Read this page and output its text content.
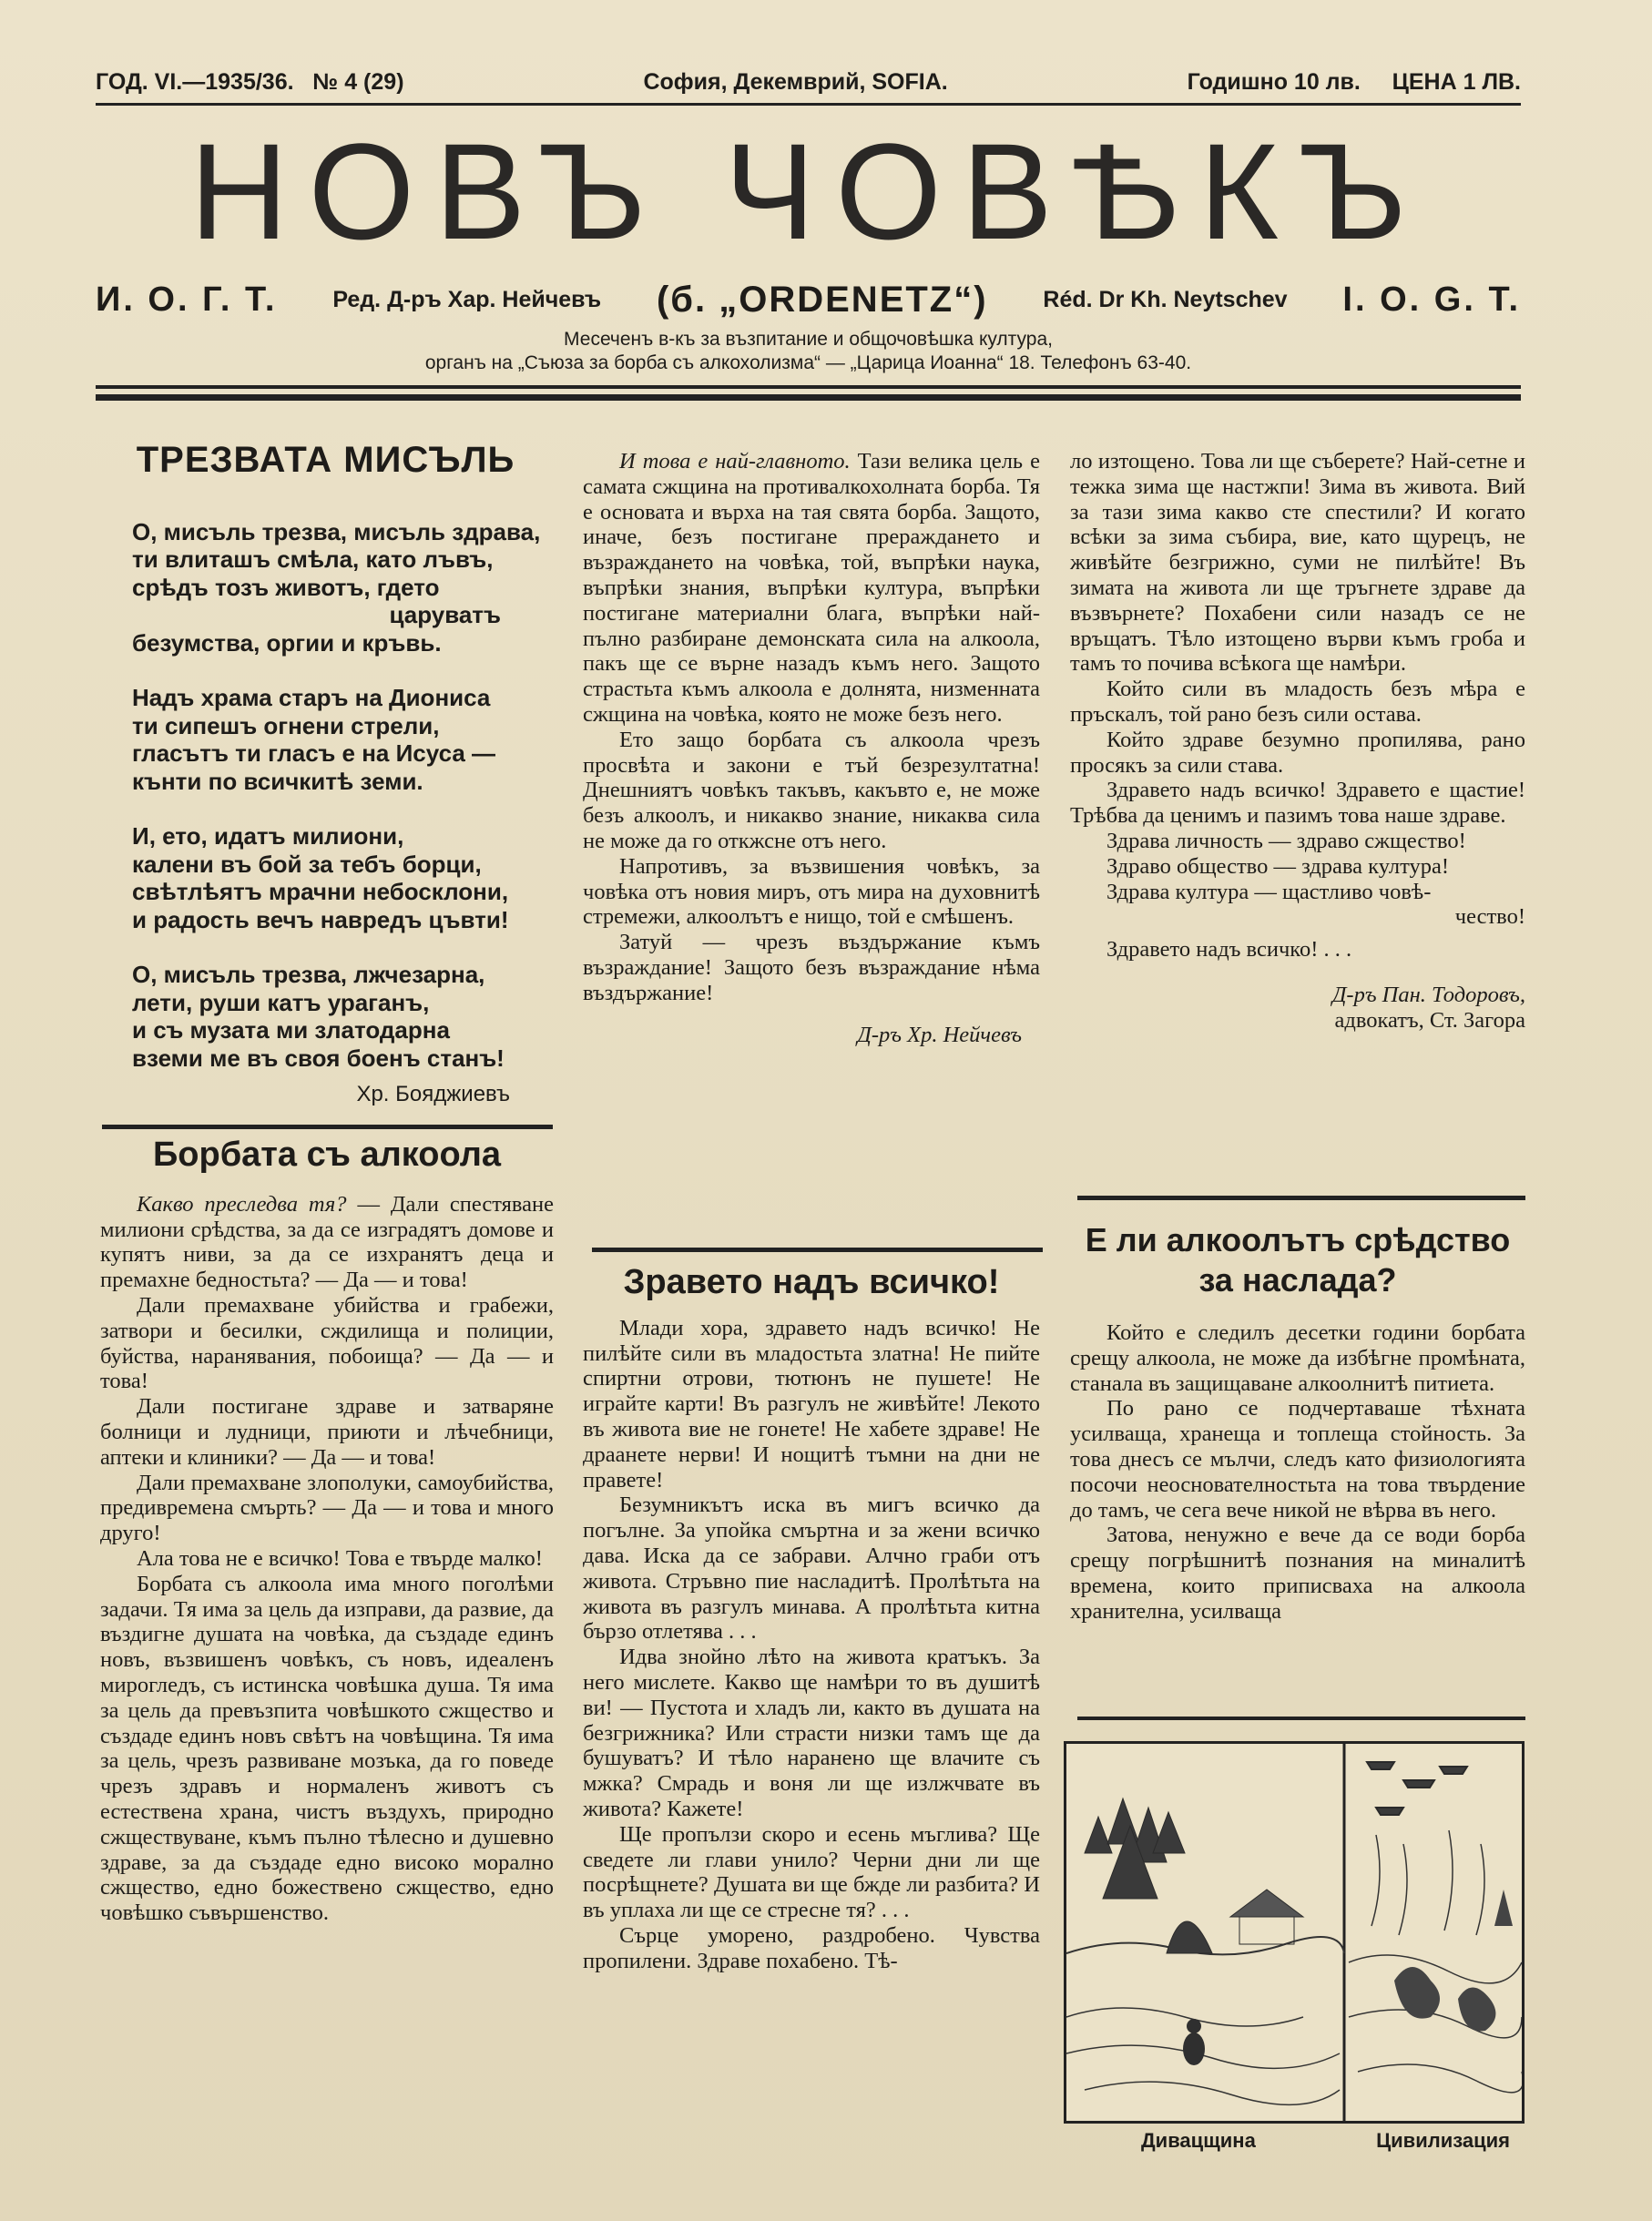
ГОД. VI.—1935/36. № 4 (29)	София, Декемврий, SOFIA.	Годишно 10 лв. ЦЕНА 1 ЛВ.
НОВЪ ЧОВѢКЪ
И. О. Г. Т. Ред. Д-ръ Хар. Нейчевъ (б. „ORDENETZ“) Réd. Dr Kh. Neytschev I. O. G. T.
Месеченъ в-къ за възпитание и общочовѣшка култура,
органъ на „Съюза за борба съ алкохолизма“ — „Царица Иоанна“ 18. Телефонъ 63-40.
ТРЕЗВАТА МИСЪЛЬ

О, мисъль трезва, мисъль здрава,
ти влиташъ смѣла, като лъвъ,
срѣдъ тозъ животъ, гдето
царуватъ
безумства, оргии и кръвь.

Надъ храма старъ на Диониса
ти сипешъ огнени стрели,
гласътъ ти гласъ е на Исуса —
кънти по всичкитѣ земи.

И, ето, идатъ милиони,
калени въ бой за тебъ борци,
свѣтлѣятъ мрачни небосклони,
и радость вечъ навредъ цъвти!

О, мисъль трезва, лжчезарна,
лети, руши катъ ураганъ,
и съ музата ми златодарна
вземи ме въ своя боенъ станъ!

Хр. Бояджиевъ
Борбата съ алкоола

Какво преследва тя? — Дали спестяване милиони срѣдства, за да се изградятъ домове и купятъ ниви, за да се изхранятъ деца и премахне бедностьта? — Да — и това!

Дали премахване убийства и грабежи, затвори и бесилки, сждилища и полиции, буйства, наранявания, побоища? — Да — и това!

Дали постигане здраве и затваряне болници и лудници, приюти и лѣчебници, аптеки и клиники? — Да — и това!

Дали премахване злополуки, самоубийства, предивремена смърть? — Да — и това и много друго!

Ала това не е всичко! Това е твърде малко!

Борбата съ алкоола има много поголѣми задачи. Тя има за цель да изправи, да развие, да въздигне душата на човѣка, да създаде единъ новъ, възвишенъ човѣкъ, съ новъ, идеаленъ мирогледъ, съ истинска човѣшка душа. Тя има за цель да превъзпита човѣшкото сжщество и създаде единъ новъ свѣтъ на човѣщина. Тя има за цель, чрезъ развиване мозъка, да го поведе чрезъ здравъ и нормаленъ животъ съ естествена храна, чистъ въздухъ, природно сжществуване, къмъ пълно тѣлесно и душевно здраве, за да създаде едно високо морално сжщество, едно божествено сжщество, едно човѣшко съвършенство.

И това е най-главното. Тази велика цель е самата сжщина на противалкохолната борба. Тя е основата и върха на тая свята борба. Защото, иначе, безъ постигане прераждането и възраждането на човѣка, той, въпрѣки наука, въпрѣки знания, въпрѣки култура, въпрѣки постигане материални блага, въпрѣки най-пълно разбиране демонската сила на алкоола, пакъ ще се върне назадъ къмъ него. Защото страстьта къмъ алкоола е долнята, низменната сжщина на човѣка, която не може безъ него.

Ето защо борбата съ алкоола чрезъ просвѣта и закони е тъй безрезултатна! Днешниятъ човѣкъ такъвъ, какъвто е, не може безъ алкоолъ, и никакво знание, никаква сила не може да го откжсне отъ него.

Напротивъ, за възвишения човѣкъ, за човѣка отъ новия миръ, отъ мира на духовнитѣ стремежи, алкоолътъ е нищо, той е смѣшенъ.

Затуй — чрезъ въздържание къмъ възраждание! Защото безъ възраждание нѣма въздържание!

Д-ръ Хр. Нейчевъ
Зравето надъ всичко!

Млади хора, здравето надъ всичко! Не пилѣйте сили въ младостьта златна! Не пийте спиртни отрови, тютюнъ не пушете! Не играйте карти! Въ разгулъ не живѣйте! Лекото въ живота вие не гонете! Не хабете здраве! Не драанете нерви! И нощитѣ тъмни на дни не правете!

Безумникътъ иска въ мигъ всичко да погълне. За упойка смъртна и за жени всичко дава. Иска да се забрави. Алчно граби отъ живота. Стръвно пие насладитѣ. Пролѣтьта на живота въ разгулъ минава. А пролѣтьта китна бързо отлетява . . .

Идва знойно лѣто на живота кратъкъ. За него мислете. Какво ще намѣри то въ душитѣ ви! — Пустота и хладъ ли, както въ душата на безгрижника? Или страсти низки тамъ ще да бушуватъ? И тѣло наранено ще влачите съ мжка? Смрадь и воня ли ще излжчвате въ живота? Кажете!

Ще пропълзи скоро и есень мъглива? Ще сведете ли глави унило? Черни дни ли ще посрѣщнете? Душата ви ще бжде ли разбита? И въ уплаха ли ще се стресне тя? . . .

Сърце уморено, раздробено. Чувства пропилени. Здраве похабено. Тѣ-

ло изтощено. Това ли ще съберете? Най-сетне и тежка зима ще настжпи! Зима въ живота. Вий за тази зима какво сте спестили? И когато всѣки за зима събира, вие, като щурецъ, не живѣйте безгрижно, суми не пилѣйте! Въ зимата на живота ли ще тръгнете здраве да възвърнете? Похабени сили назадъ се не връщатъ. Тѣло изтощено върви къмъ гроба и тамъ то почива всѣкога ще намѣри.

Който сили въ младость безъ мѣра е пръскалъ, той рано безъ сили остава.

Който здраве безумно пропилява, рано просякъ за сили става.

Здравето надъ всичко! Здравето е щастие! Трѣбва да ценимъ и пазимъ това наше здраве.

Здрава личность — здраво сжщество!

Здраво общество — здрава култура!

Здрава култура — щастливо човѣ-

чество!

Здравето надъ всичко! . . .

Д-ръ Пан. Тодоровъ,
адвокатъ, Ст. Загора
Е ли алкоолътъ срѣдство
за наслада?

Който е следилъ десетки години борбата срещу алкоола, не може да избѣгне промѣната, станала въ защищаване алкоолнитѣ питиета.

По рано се подчертаваше тѣхната усилваща, хранеща и топлеща стойность. За това днесъ се мълчи, следъ като физиологията посочи неоснователностьта на това твърдение до тамъ, че сега вече никой не вѣрва въ него.

Затова, ненужно е вече да се води борба срещу погрѣшнитѣ познания на миналитѣ времена, които приписваха на алкоола хранителна, усилваща

Дивацщина	Цивилизация
